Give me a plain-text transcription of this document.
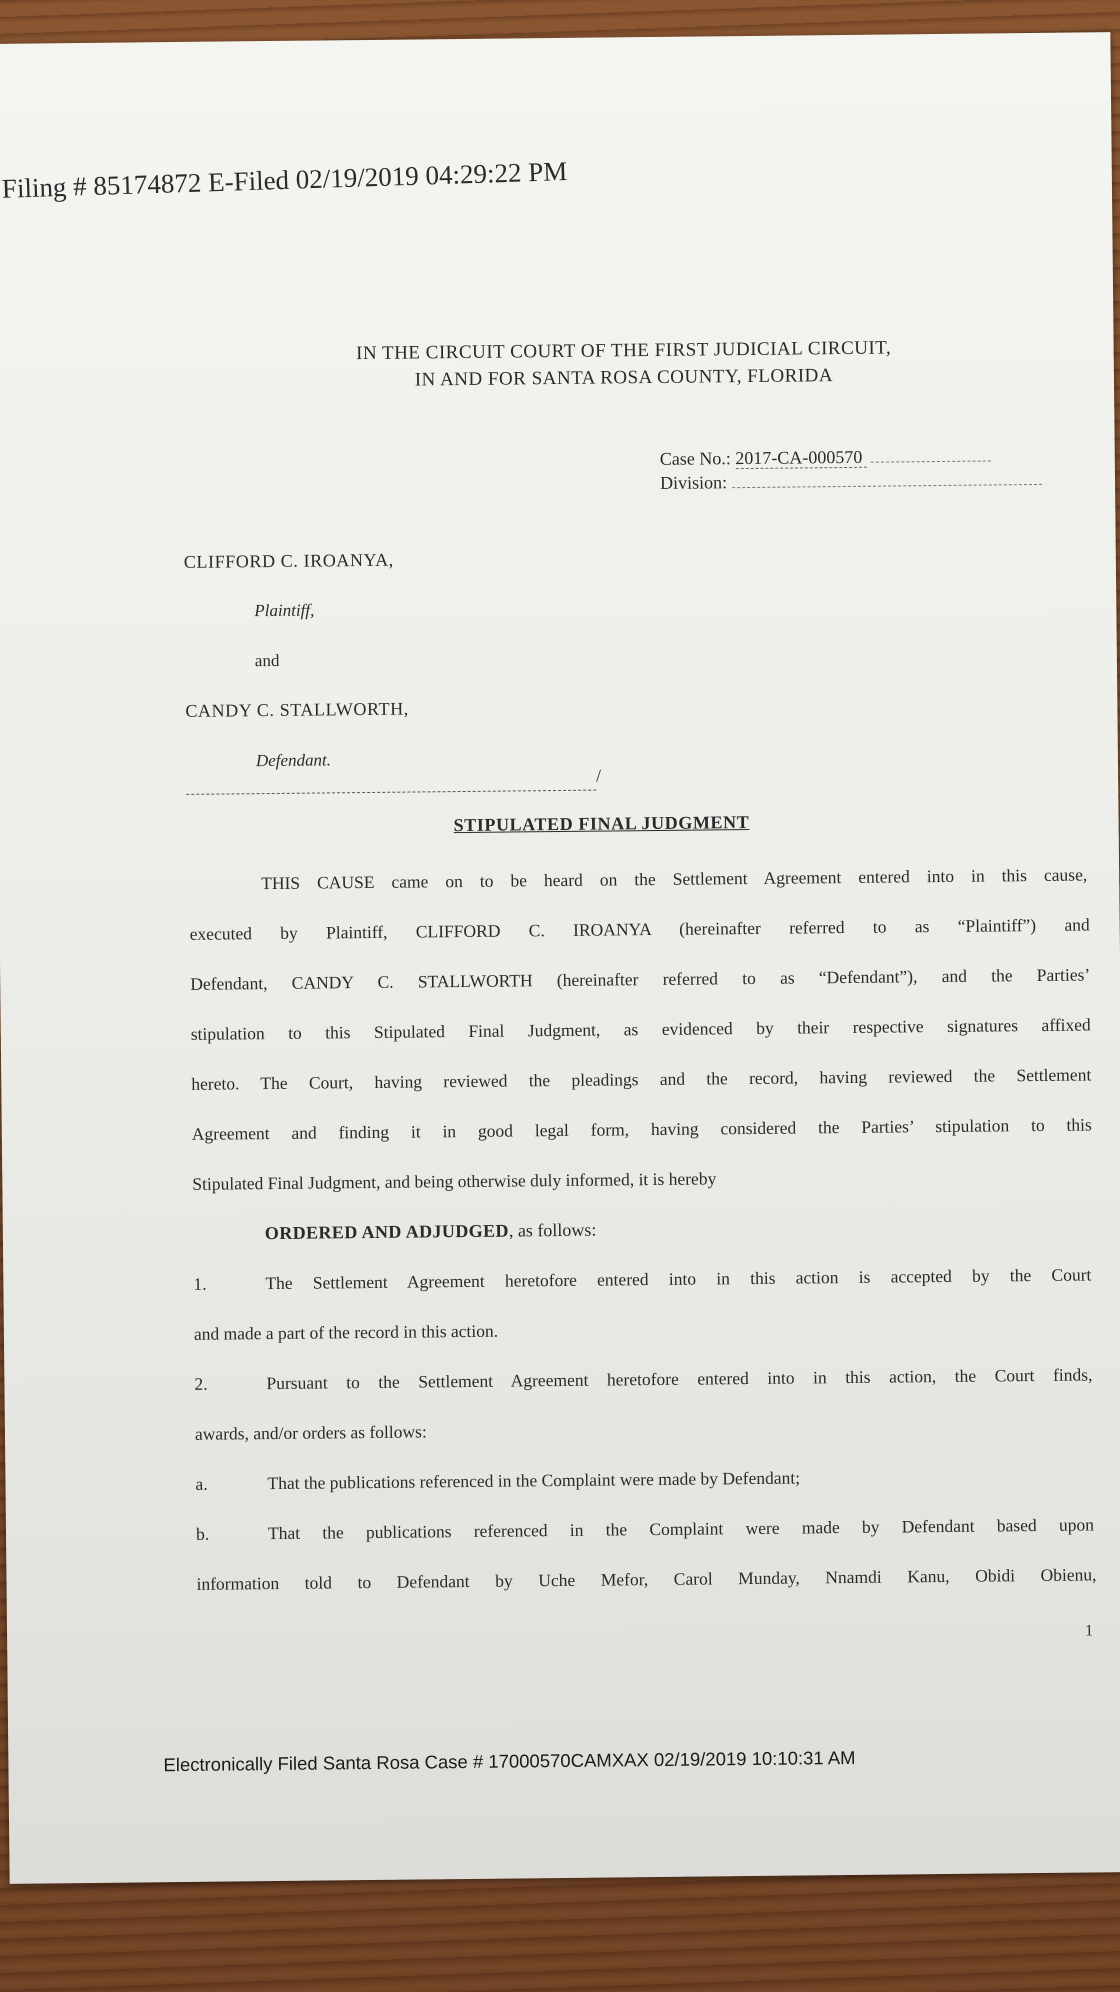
Filing # 85174872 E-Filed 02/19/2019 04:29:22 PM
IN THE CIRCUIT COURT OF THE FIRST JUDICIAL CIRCUIT,
IN AND FOR SANTA ROSA COUNTY, FLORIDA
Case No.: 2017-CA-000570
Division:
CLIFFORD C. IROANYA,
Plaintiff,
and
CANDY C. STALLWORTH,
Defendant.
/
STIPULATED FINAL JUDGMENT
THIS CAUSE came on to be heard on the Settlement Agreement entered into in this cause,
executed by Plaintiff, CLIFFORD C. IROANYA (hereinafter referred to as “Plaintiff”) and
Defendant, CANDY C. STALLWORTH (hereinafter referred to as “Defendant”), and the Parties’
stipulation to this Stipulated Final Judgment, as evidenced by their respective signatures affixed
hereto. The Court, having reviewed the pleadings and the record, having reviewed the Settlement
Agreement and finding it in good legal form, having considered the Parties’ stipulation to this
Stipulated Final Judgment, and being otherwise duly informed, it is hereby
ORDERED AND ADJUDGED, as follows:
1.	The Settlement Agreement heretofore entered into in this action is accepted by the Court
and made a part of the record in this action.
2.	Pursuant to the Settlement Agreement heretofore entered into in this action, the Court finds,
awards, and/or orders as follows:
a.	That the publications referenced in the Complaint were made by Defendant;
b.	That the publications referenced in the Complaint were made by Defendant based upon
information told to Defendant by Uche Mefor, Carol Munday, Nnamdi Kanu, Obidi Obienu,
1
Electronically Filed Santa Rosa Case # 17000570CAMXAX 02/19/2019 10:10:31 AM
